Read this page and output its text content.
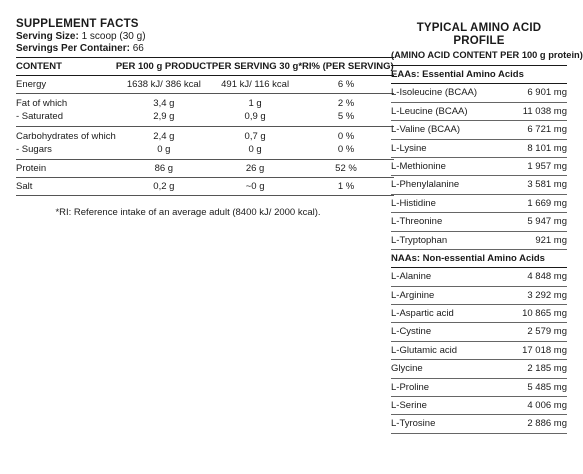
SUPPLEMENT FACTS
Serving Size: 1 scoop (30 g)
Servings Per Container: 66
CONTENT	PER 100 g PRODUCT	PER SERVING 30 g	*RI% (PER SERVING)
Energy	1638 kJ/ 386 kcal	491 kJ/ 116 kcal	6 %
Fat of which	3,4 g	1 g	2 %
- Saturated	2,9 g	0,9 g	5 %
Carbohydrates of which	2,4 g	0,7 g	0 %
- Sugars	0 g	0 g	0 %
Protein	86 g	26 g	52 %
Salt	0,2 g	~0 g	1 %
*RI: Reference intake of an average adult (8400 kJ/ 2000 kcal).
TYPICAL AMINO ACID PROFILE
(AMINO ACID CONTENT PER 100 g protein)
EAAs: Essential Amino Acids
L-Isoleucine (BCAA)	6 901 mg
L-Leucine (BCAA)	11 038 mg
L-Valine (BCAA)	6 721 mg
L-Lysine	8 101 mg
L-Methionine	1 957 mg
L-Phenylalanine	3 581 mg
L-Histidine	1 669 mg
L-Threonine	5 947 mg
L-Tryptophan	921 mg
NAAs: Non-essential Amino Acids
L-Alanine	4 848 mg
L-Arginine	3 292 mg
L-Aspartic acid	10 865 mg
L-Cystine	2 579 mg
L-Glutamic acid	17 018 mg
Glycine	2 185 mg
L-Proline	5 485 mg
L-Serine	4 006 mg
L-Tyrosine	2 886 mg
